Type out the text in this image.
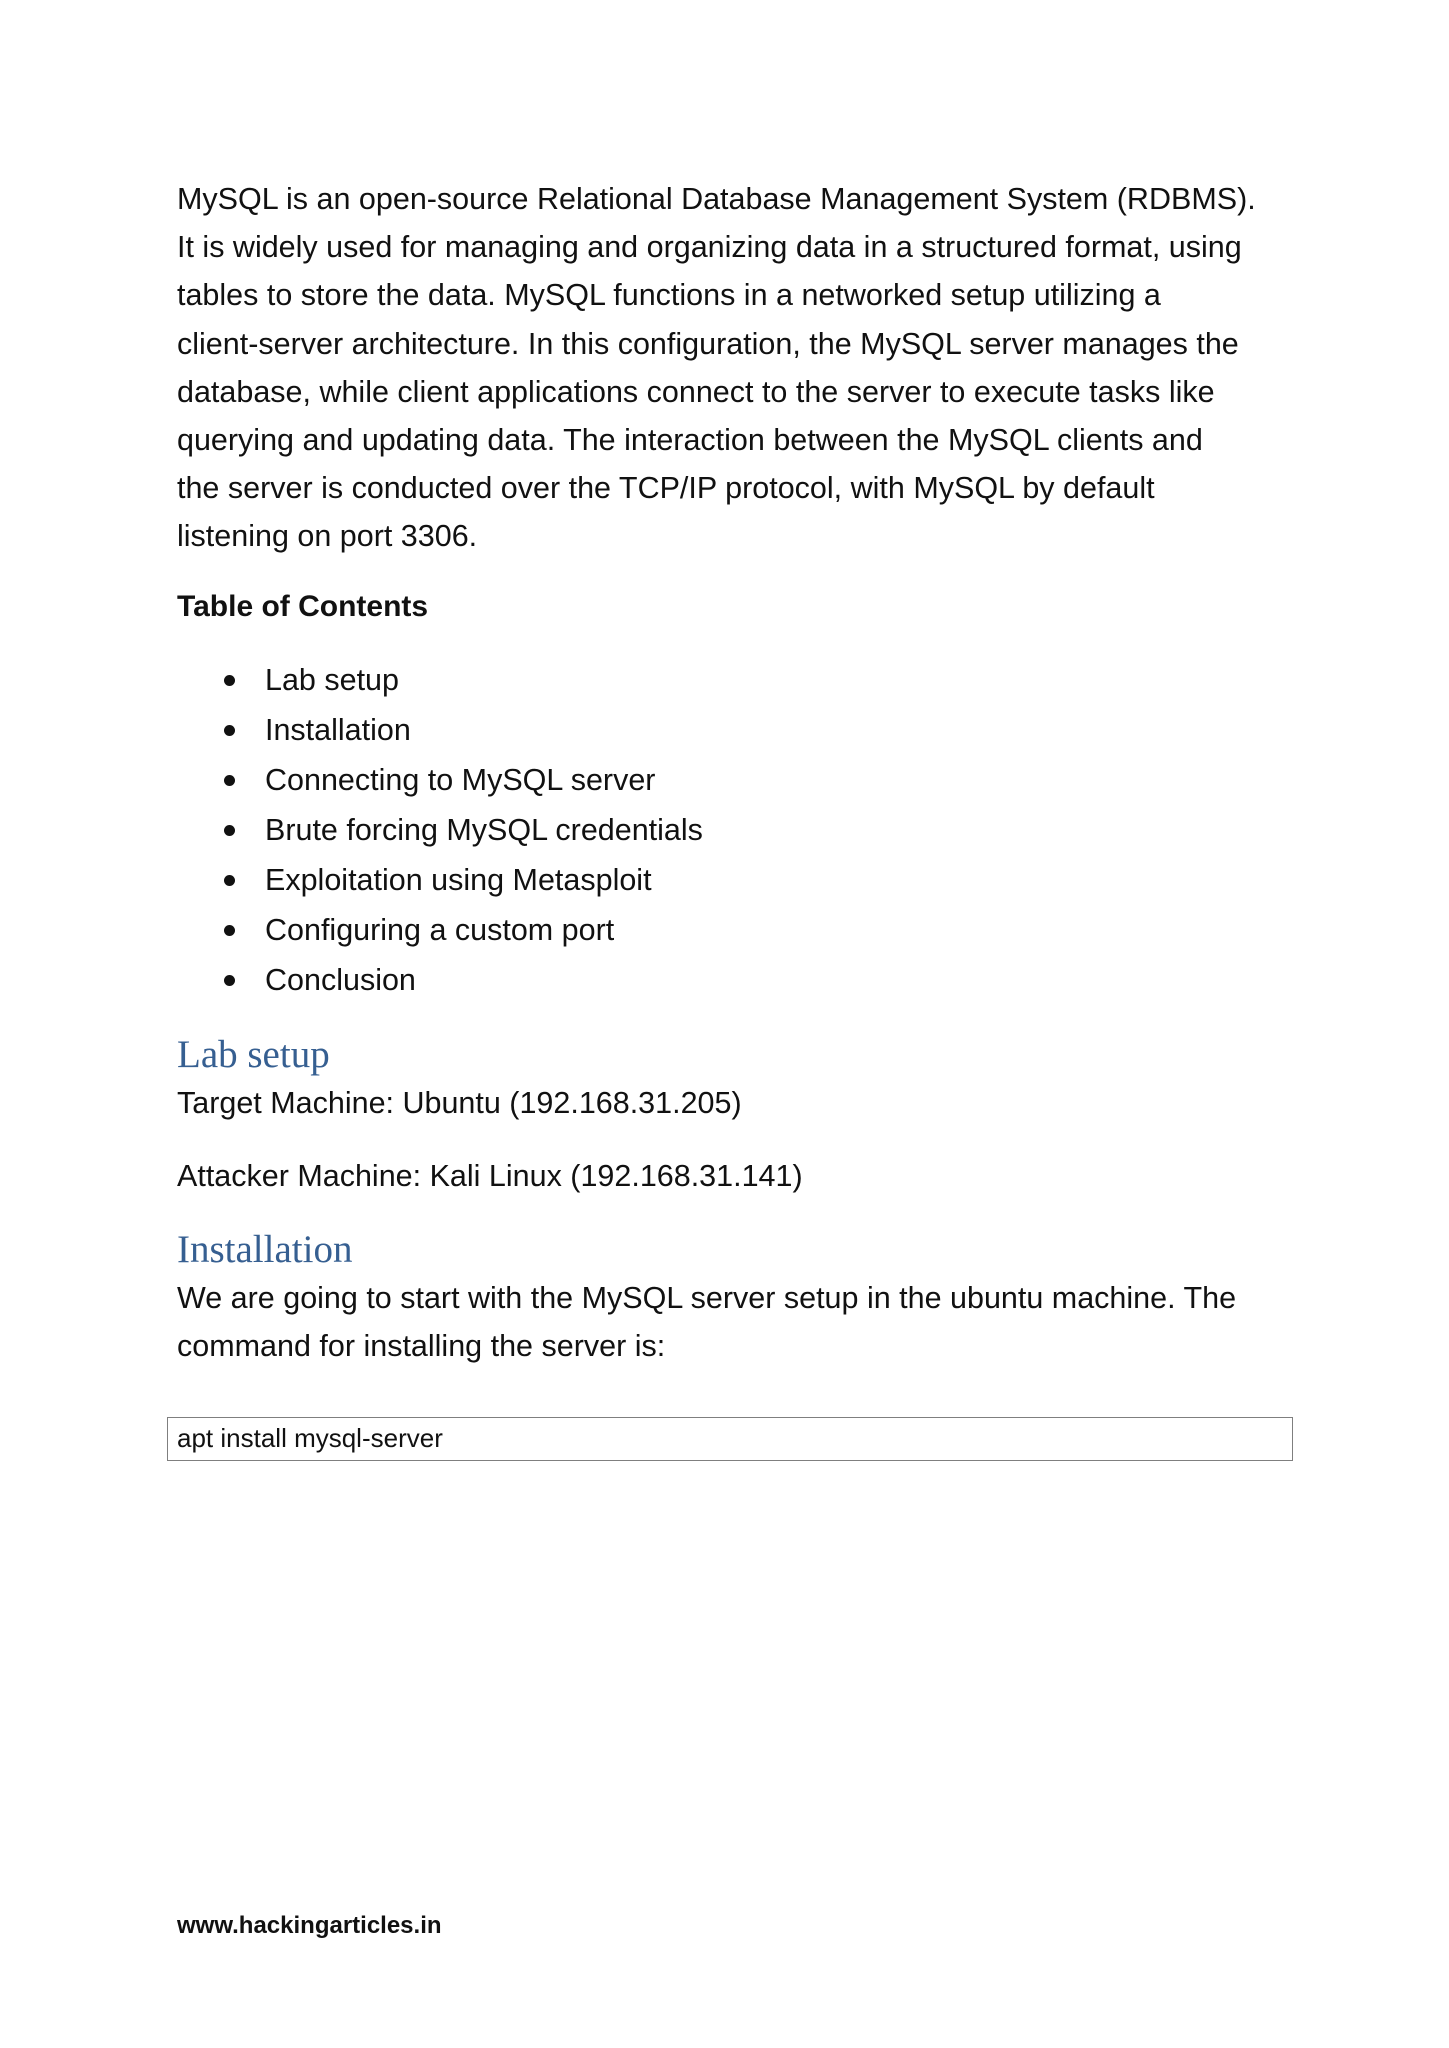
MySQL is an open-source Relational Database Management System (RDBMS).

It is widely used for managing and organizing data in a structured format, using

tables to store the data. MySQL functions in a networked setup utilizing a

client-server architecture. In this configuration, the MySQL server manages the

database, while client applications connect to the server to execute tasks like

querying and updating data. The interaction between the MySQL clients and

the server is conducted over the TCP/IP protocol, with MySQL by default

listening on port 3306.

Table of Contents

Lab setup
Installation
Connecting to MySQL server
Brute forcing MySQL credentials
Exploitation using Metasploit
Configuring a custom port
Conclusion
Lab setup

Target Machine: Ubuntu (192.168.31.205)

Attacker Machine: Kali Linux (192.168.31.141)

Installation

We are going to start with the MySQL server setup in the ubuntu machine. The

command for installing the server is:

apt install mysql-server
www.hackingarticles.in
